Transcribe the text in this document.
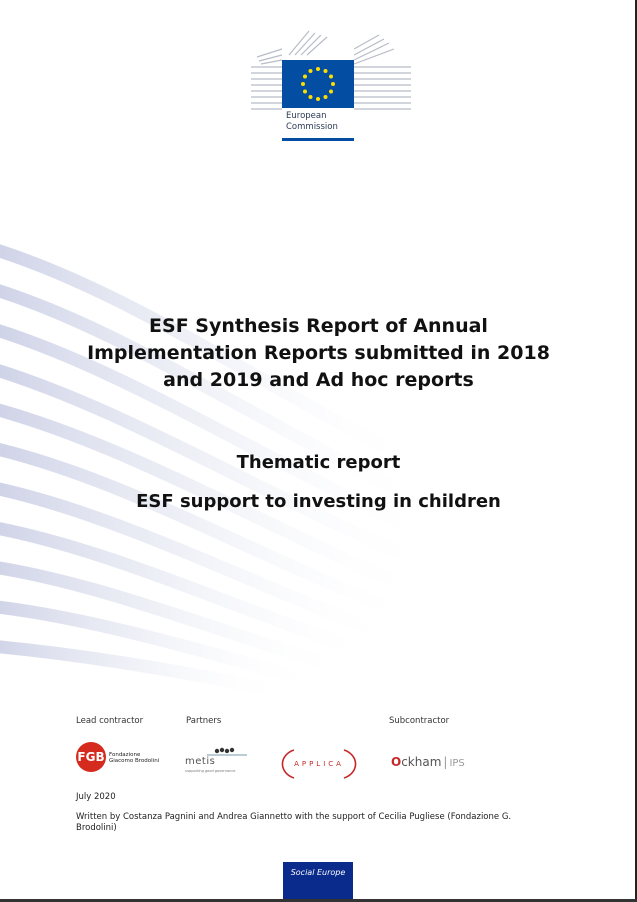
European
Commission
ESF Synthesis Report of Annual
Implementation Reports submitted in 2018
and 2019 and Ad hoc reports
Thematic report
ESF support to investing in children
Lead contractor	Partners	Subcontractor
FGB Fondazione
Giacomo Brodolini	metis
supporting good governance
APPLICA	Ockham | IPS
July 2020
Written by Costanza Pagnini and Andrea Giannetto with the support of Cecilia Pugliese (Fondazione G. Brodolini)
Social Europe
